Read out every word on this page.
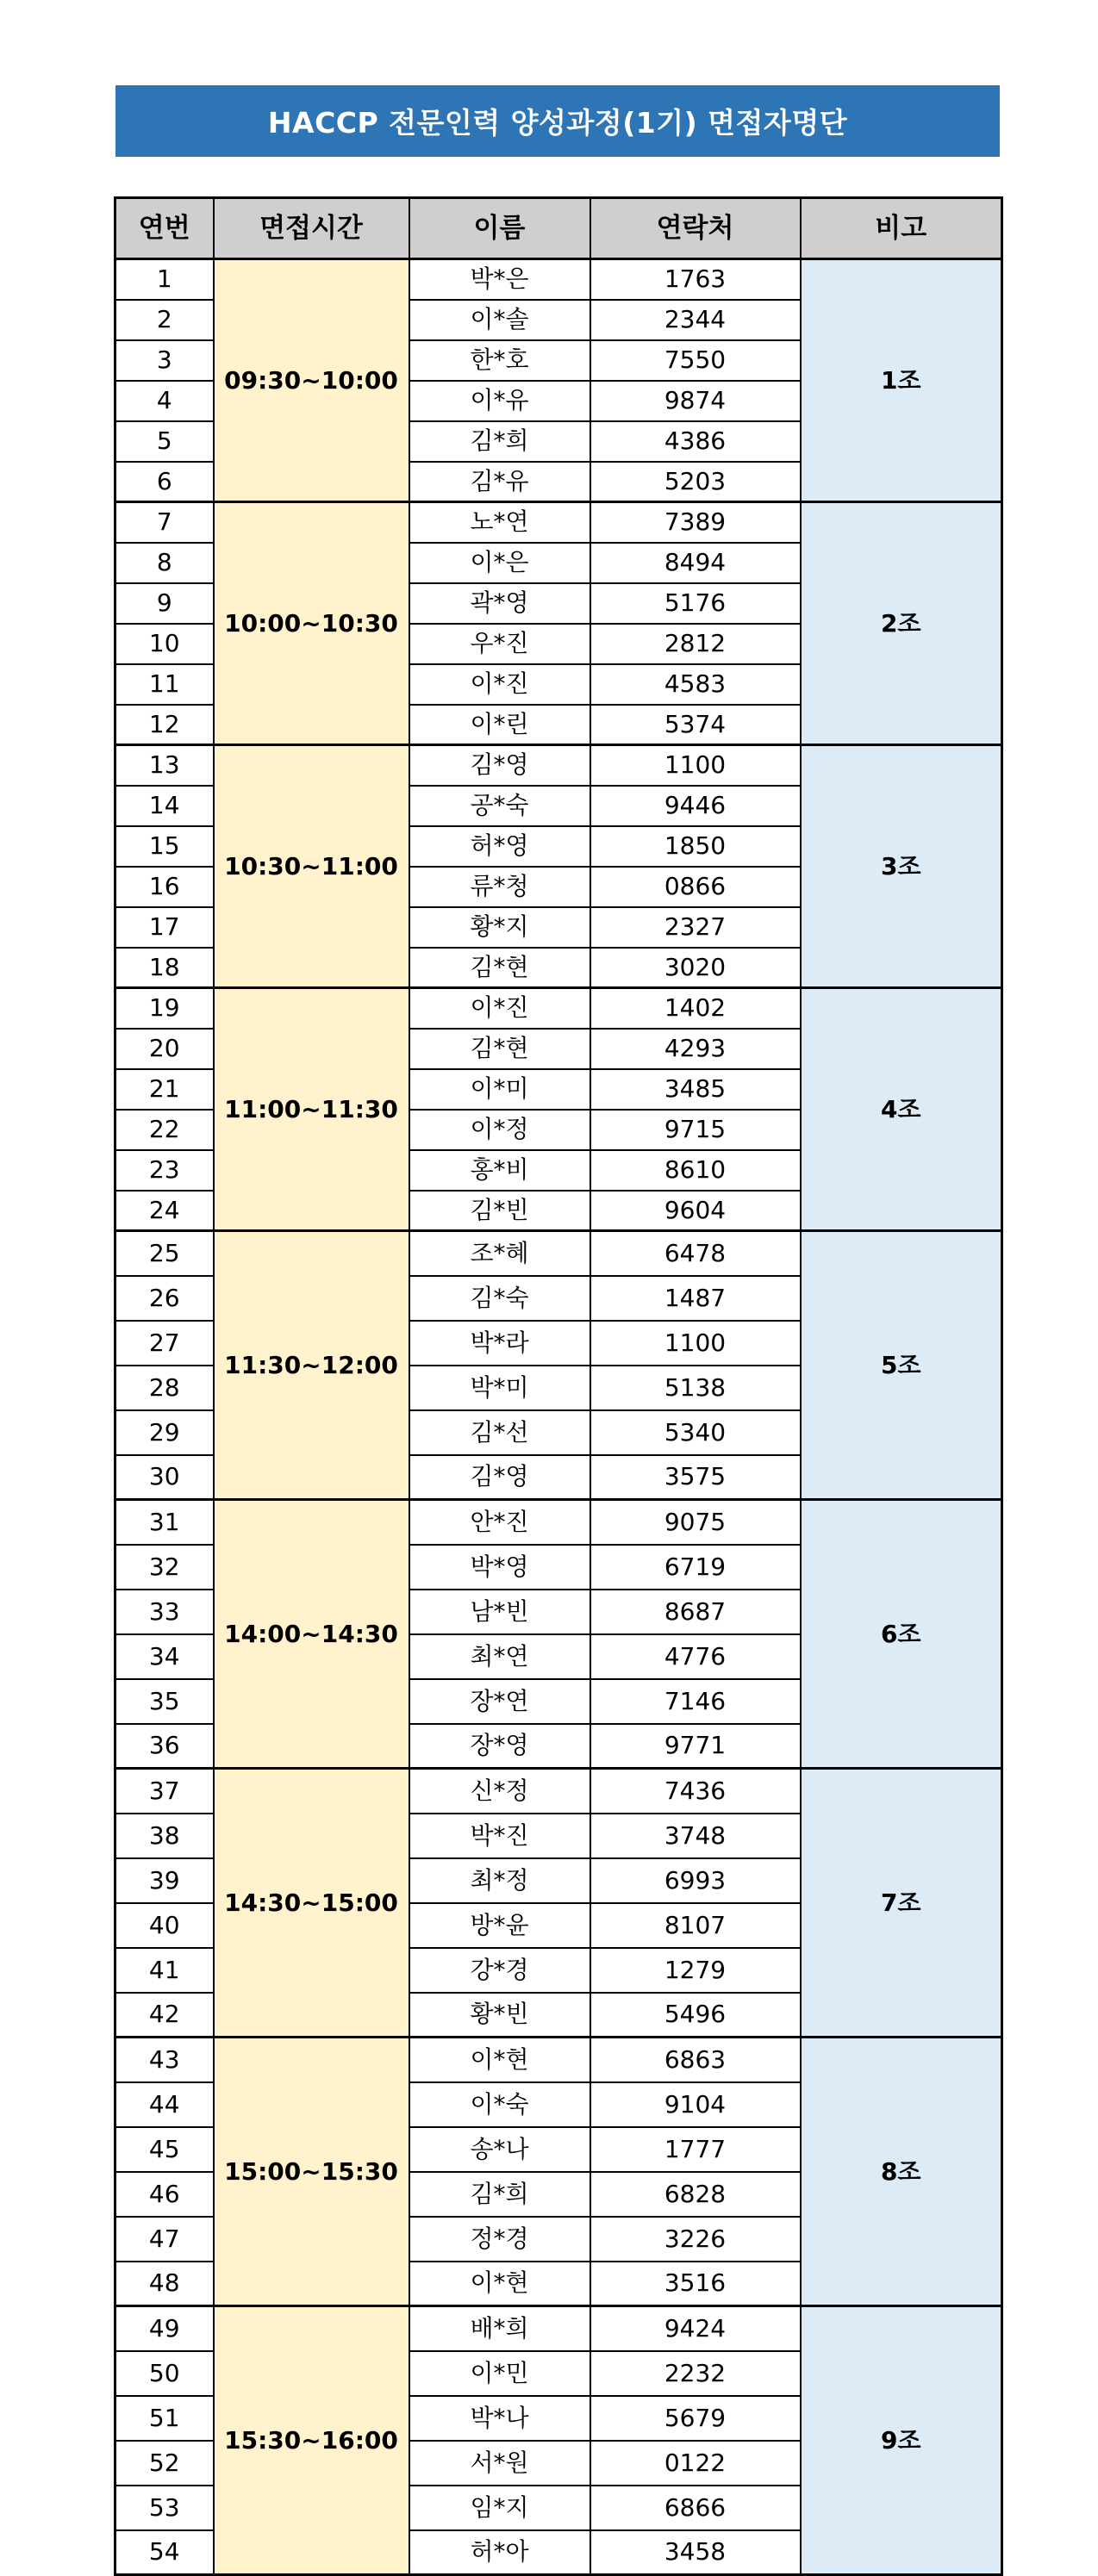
HACCP 전문인력 양성과정(1기) 면접자명단
연번	면접시간	이름	연락처	비고
1	09:30~10:00	박*은	1763	1조
2		이*솔	2344	
3		한*호	7550	
4		이*유	9874	
5		김*희	4386	
6		김*유	5203	
7	10:00~10:30	노*연	7389	2조
8		이*은	8494	
9		곽*영	5176	
10		우*진	2812	
11		이*진	4583	
12		이*린	5374	
13	10:30~11:00	김*영	1100	3조
14		공*숙	9446	
15		허*영	1850	
16		류*청	0866	
17		황*지	2327	
18		김*현	3020	
19	11:00~11:30	이*진	1402	4조
20		김*현	4293	
21		이*미	3485	
22		이*정	9715	
23		홍*비	8610	
24		김*빈	9604	
25	11:30~12:00	조*혜	6478	5조
26		김*숙	1487	
27		박*라	1100	
28		박*미	5138	
29		김*선	5340	
30		김*영	3575	
31	14:00~14:30	안*진	9075	6조
32		박*영	6719	
33		남*빈	8687	
34		최*연	4776	
35		장*연	7146	
36		장*영	9771	
37	14:30~15:00	신*정	7436	7조
38		박*진	3748	
39		최*정	6993	
40		방*윤	8107	
41		강*경	1279	
42		황*빈	5496	
43	15:00~15:30	이*현	6863	8조
44		이*숙	9104	
45		송*나	1777	
46		김*희	6828	
47		정*경	3226	
48		이*현	3516	
49	15:30~16:00	배*희	9424	9조
50		이*민	2232	
51		박*나	5679	
52		서*원	0122	
53		임*지	6866	
54		허*아	3458	
